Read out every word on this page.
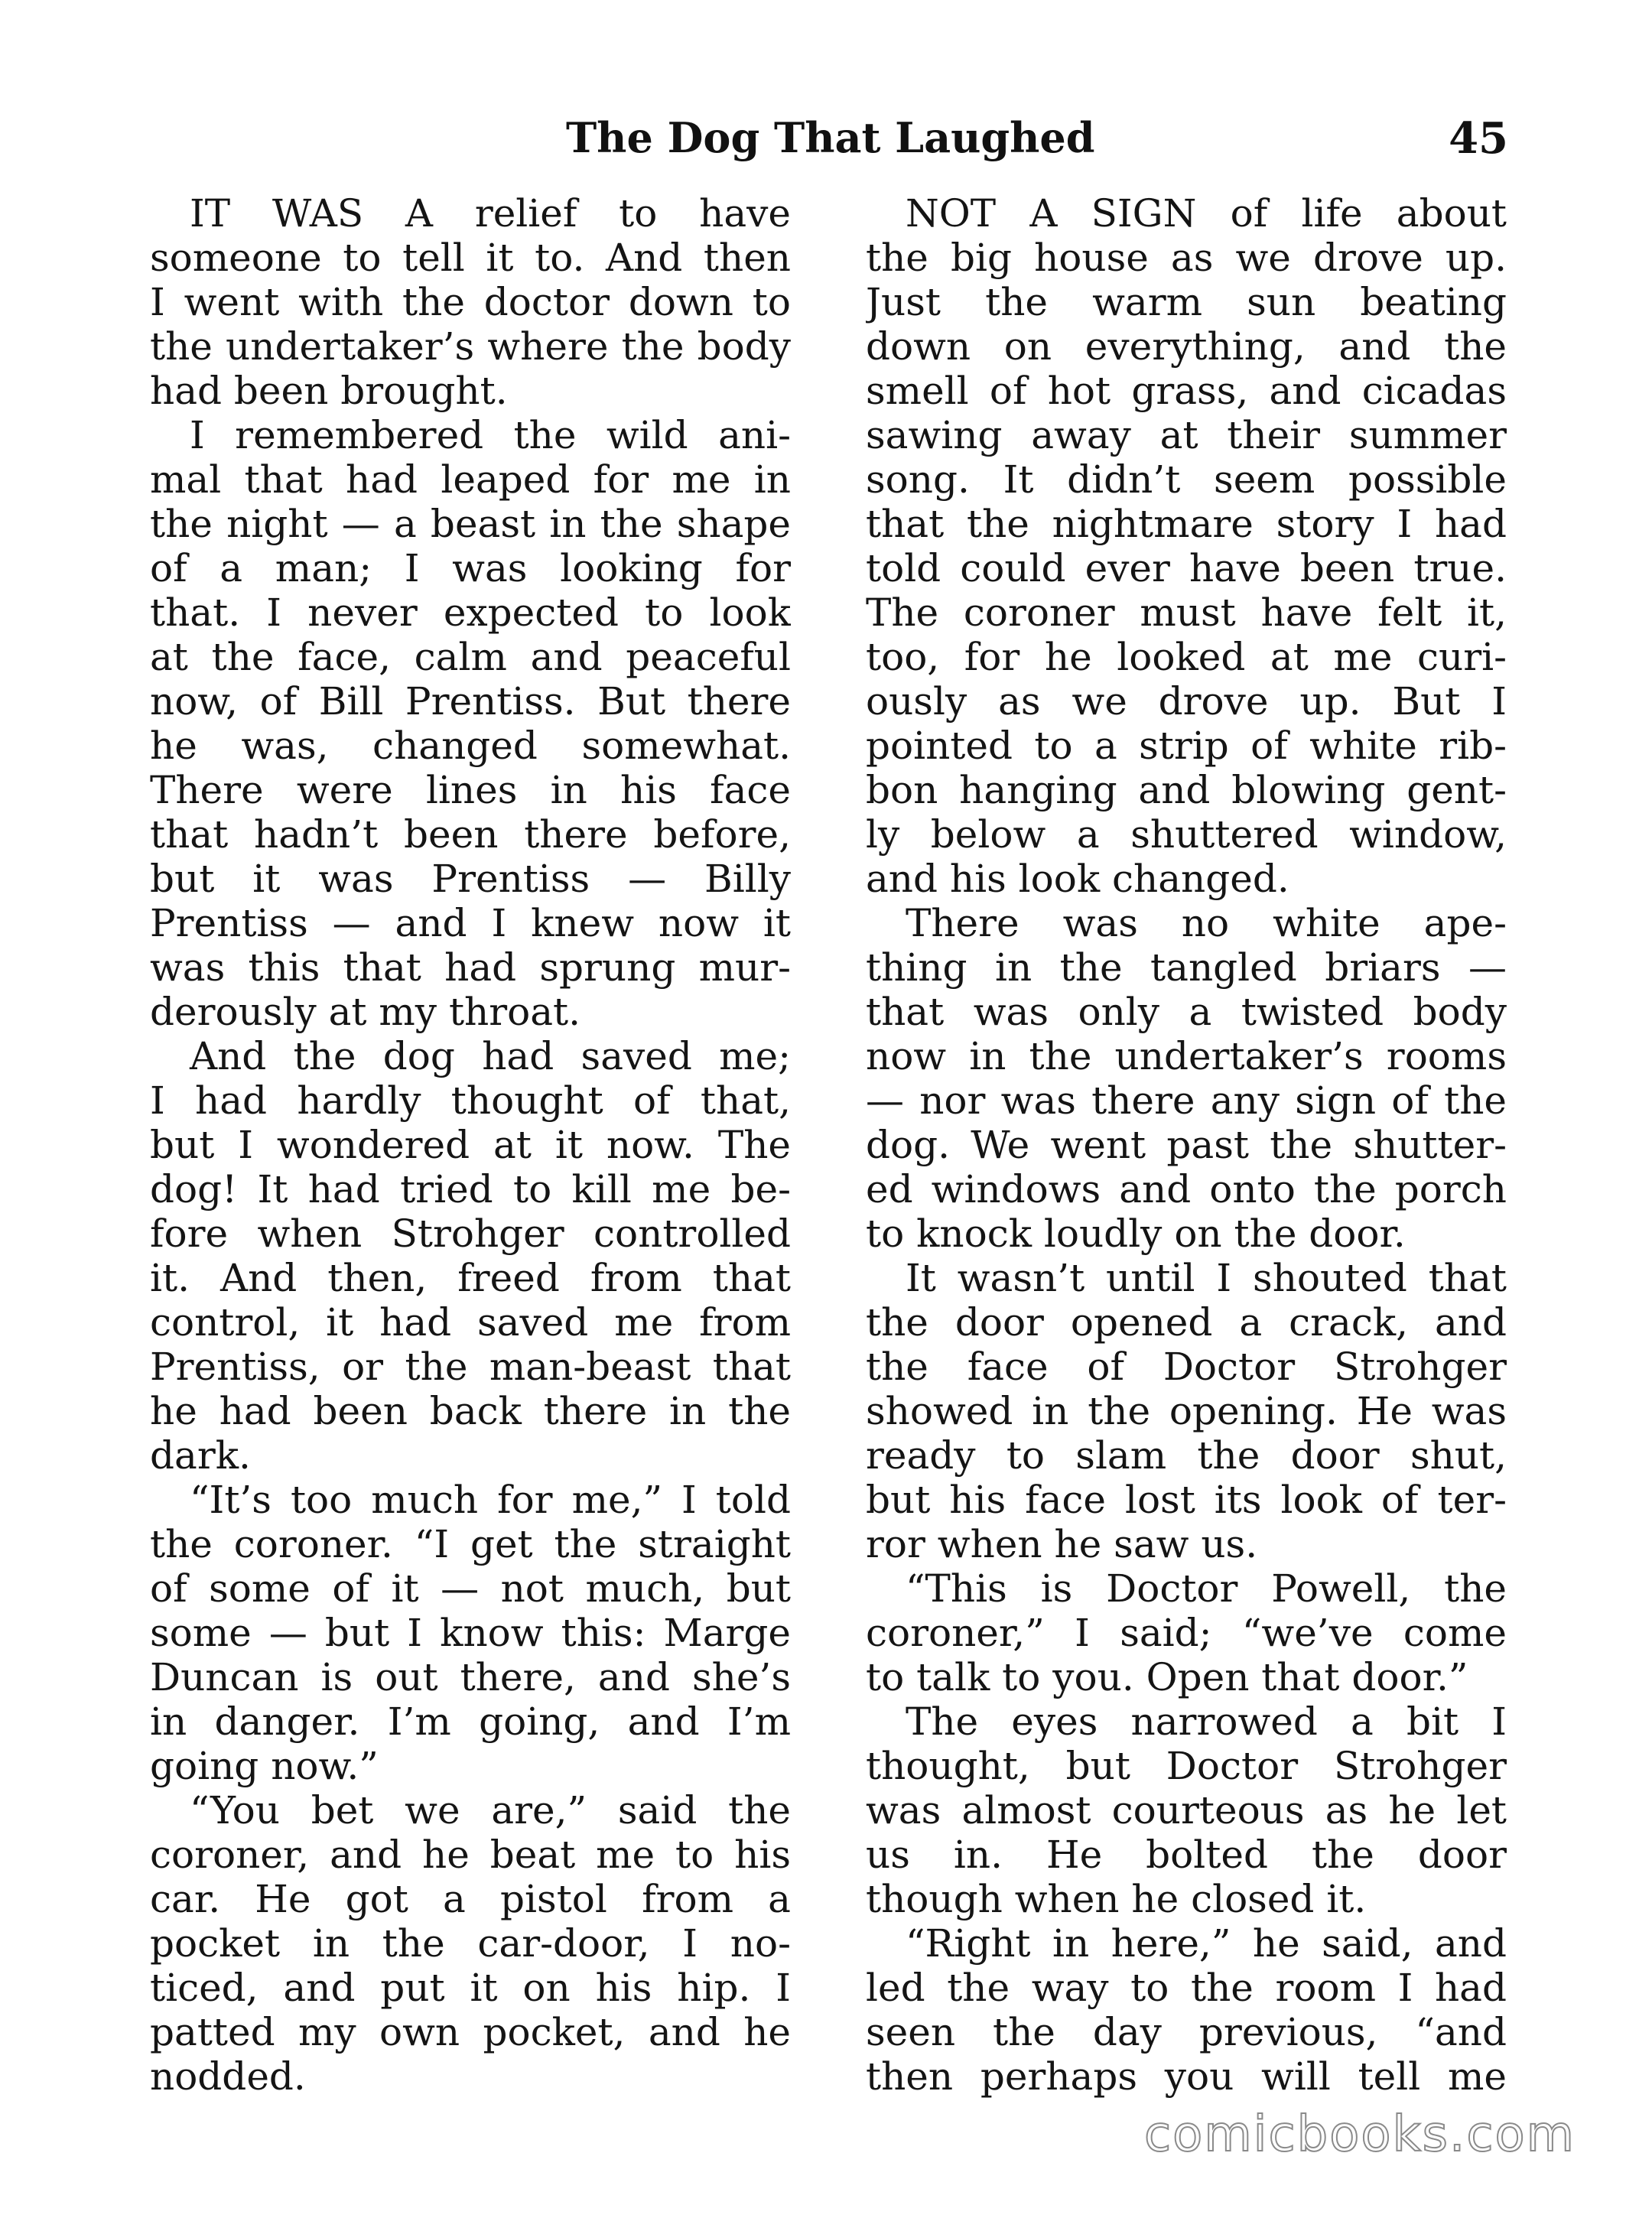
The Dog That Laughed	45
IT WAS A relief to have
someone to tell it to. And then
I went with the doctor down to
the undertaker’s where the body
had been brought.
I remembered the wild ani-
mal that had leaped for me in
the night — a beast in the shape
of a man; I was looking for
that. I never expected to look
at the face, calm and peaceful
now, of Bill Prentiss. But there
he was, changed somewhat.
There were lines in his face
that hadn’t been there before,
but it was Prentiss — Billy
Prentiss — and I knew now it
was this that had sprung mur-
derously at my throat.
And the dog had saved me;
I had hardly thought of that,
but I wondered at it now. The
dog! It had tried to kill me be-
fore when Strohger controlled
it. And then, freed from that
control, it had saved me from
Prentiss, or the man-beast that
he had been back there in the
dark.
“It’s too much for me,” I told
the coroner. “I get the straight
of some of it — not much, but
some — but I know this: Marge
Duncan is out there, and she’s
in danger. I’m going, and I’m
going now.”
“You bet we are,” said the
coroner, and he beat me to his
car. He got a pistol from a
pocket in the car-door, I no-
ticed, and put it on his hip. I
patted my own pocket, and he
nodded.
NOT A SIGN of life about
the big house as we drove up.
Just the warm sun beating
down on everything, and the
smell of hot grass, and cicadas
sawing away at their summer
song. It didn’t seem possible
that the nightmare story I had
told could ever have been true.
The coroner must have felt it,
too, for he looked at me curi-
ously as we drove up. But I
pointed to a strip of white rib-
bon hanging and blowing gent-
ly below a shuttered window,
and his look changed.
There was no white ape-
thing in the tangled briars —
that was only a twisted body
now in the undertaker’s rooms
— nor was there any sign of the
dog. We went past the shutter-
ed windows and onto the porch
to knock loudly on the door.
It wasn’t until I shouted that
the door opened a crack, and
the face of Doctor Strohger
showed in the opening. He was
ready to slam the door shut,
but his face lost its look of ter-
ror when he saw us.
“This is Doctor Powell, the
coroner,” I said; “we’ve come
to talk to you. Open that door.”
The eyes narrowed a bit I
thought, but Doctor Strohger
was almost courteous as he let
us in. He bolted the door
though when he closed it.
“Right in here,” he said, and
led the way to the room I had
seen the day previous, “and
then perhaps you will tell me
comicbooks.com
